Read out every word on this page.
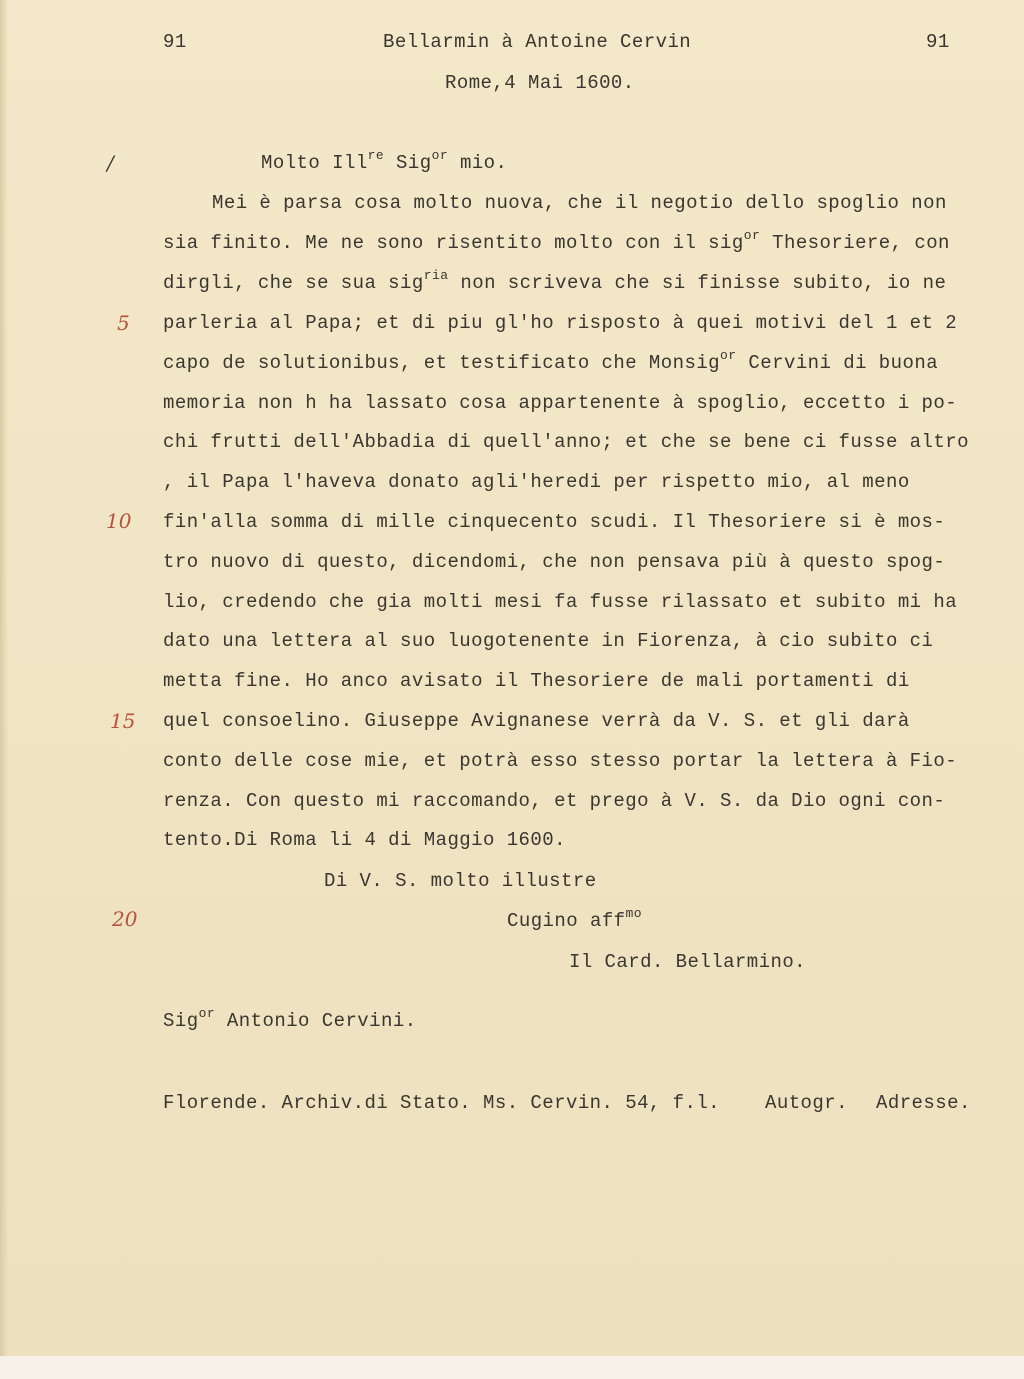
91	Bellarmin à Antoine Cervin	91
Rome,4 Mai 1600.
/
5
10
15
20
Molto Ill$^{re}$ Sig$^{or}$ mio.
Mei è parsa cosa molto nuova, che il negotio dello spoglio non
sia finito. Me ne sono risentito molto con il sig$^{or}$ Thesoriere, con
dirgli, che se sua sig$^{ria}$ non scriveva che si finisse subito, io ne
parleria al Papa; et di piu gl'ho risposto à quei motivi del 1 et 2
capo de solutionibus, et testificato che Monsig$^{or}$ Cervini di buona
memoria non h ha lassato cosa appartenente à spoglio, eccetto i po-
chi frutti dell'Abbadia di quell'anno; et che se bene ci fusse altro
, il Papa l'haveva donato agli'heredi per rispetto mio, al meno
fin'alla somma di mille cinquecento scudi. Il Thesoriere si è mos-
tro nuovo di questo, dicendomi, che non pensava più à questo spog-
lio, credendo che gia molti mesi fa fusse rilassato et subito mi ha
dato una lettera al suo luogotenente in Fiorenza, à cio subito ci
metta fine. Ho anco avisato il Thesoriere de mali portamenti di
quel consoelino. Giuseppe Avignanese verrà da V. S. et gli darà
conto delle cose mie, et potrà esso stesso portar la lettera à Fio-
renza. Con questo mi raccomando, et prego à V. S. da Dio ogni con-
tento.Di Roma li 4 di Maggio 1600.
Di V. S. molto illustre
Cugino aff$^{mo}$
Il Card. Bellarmino.
Sig$^{or}$ Antonio Cervini.
Florende. Archiv.di Stato. Ms. Cervin. 54, f.l. Autogr. Adresse.
